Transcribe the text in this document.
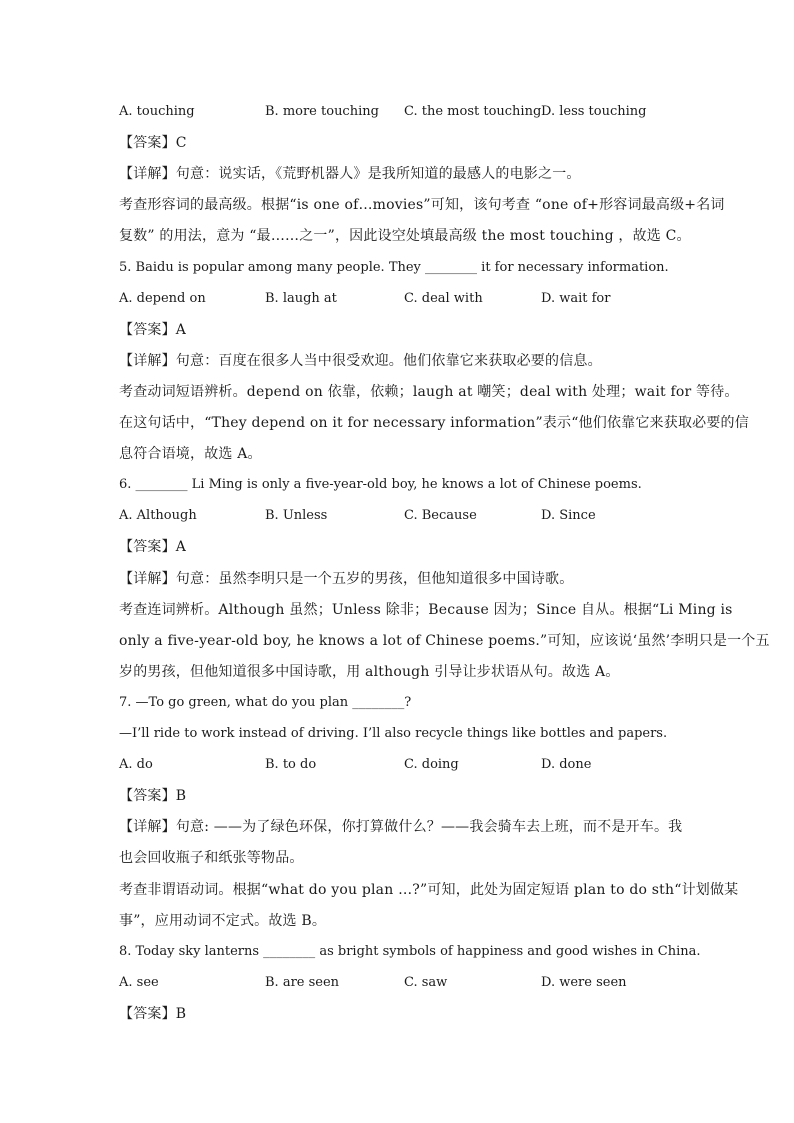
A. touching	B. more touching C. the most touching D. less touching
【答案】C
【详解】句意：说实话，《荒野机器人》是我所知道的最感人的电影之一。
考查形容词的最高级。根据“is one of…movies”可知，该句考查 “one of+形容词最高级+名词
复数” 的用法，意为 “最……之一”，因此设空处填最高级 the most touching ，故选 C。
5. Baidu is popular among many people. They ________ it for necessary information.
A. depend on	B. laugh at	C. deal with	D. wait for
【答案】A
【详解】句意：百度在很多人当中很受欢迎。他们依靠它来获取必要的信息。
考查动词短语辨析。depend on 依靠，依赖；laugh at 嘲笑；deal with 处理；wait for 等待。
在这句话中，“They depend on it for necessary information”表示“他们依靠它来获取必要的信
息符合语境，故选 A。
6. ________ Li Ming is only a five-year-old boy, he knows a lot of Chinese poems.
A. Although	B. Unless	C. Because	D. Since
【答案】A
【详解】句意：虽然李明只是一个五岁的男孩，但他知道很多中国诗歌。
考查连词辨析。Although 虽然；Unless 除非；Because 因为；Since 自从。根据“Li Ming is
only a five-year-old boy, he knows a lot of Chinese poems.”可知，应该说‘虽然’李明只是一个五
岁的男孩，但他知道很多中国诗歌，用 although 引导让步状语从句。故选 A。
7. —To go green, what do you plan ________?
—I’ll ride to work instead of driving. I’ll also recycle things like bottles and papers.
A. do	B. to do	C. doing	D. done
【答案】B
【详解】句意: ——为了绿色环保，你打算做什么？——我会骑车去上班，而不是开车。我
也会回收瓶子和纸张等物品。
考查非谓语动词。根据“what do you plan …?”可知，此处为固定短语 plan to do sth“计划做某
事”，应用动词不定式。故选 B。
8. Today sky lanterns ________ as bright symbols of happiness and good wishes in China.
A. see	B. are seen	C. saw	D. were seen
【答案】B
